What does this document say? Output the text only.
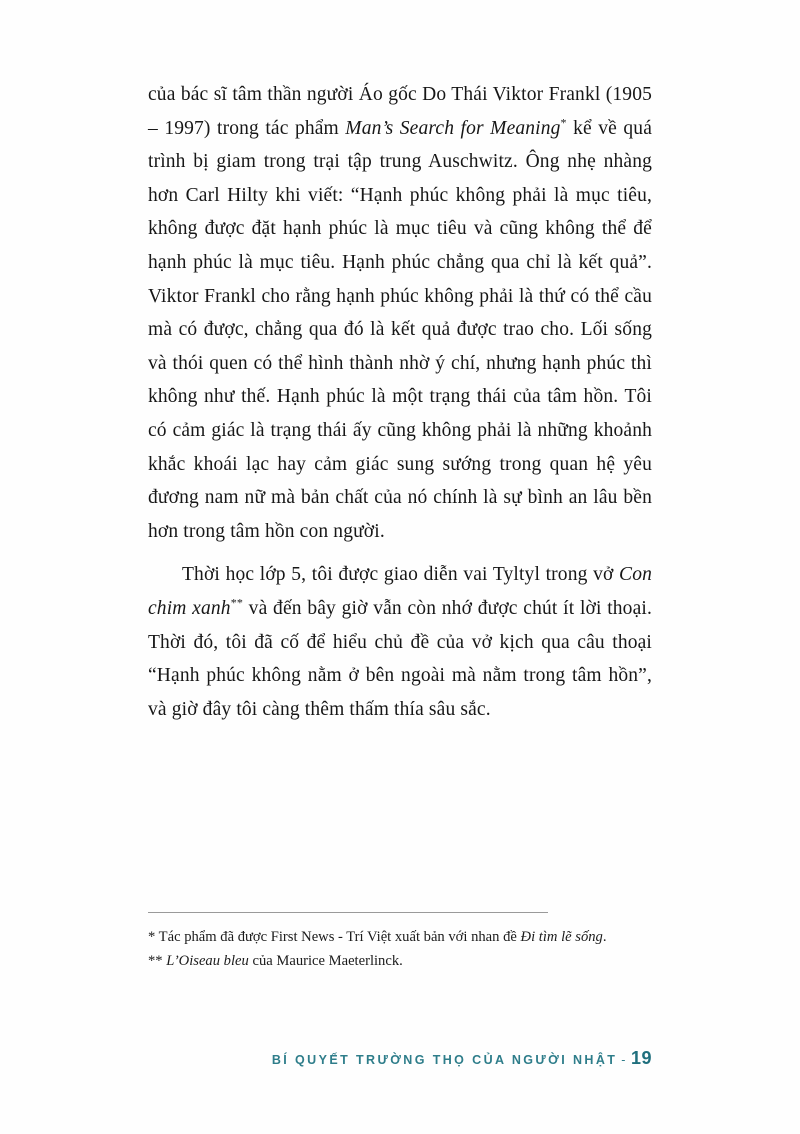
của bác sĩ tâm thần người Áo gốc Do Thái Viktor Frankl (1905 – 1997) trong tác phẩm Man’s Search for Meaning* kể về quá trình bị giam trong trại tập trung Auschwitz. Ông nhẹ nhàng hơn Carl Hilty khi viết: “Hạnh phúc không phải là mục tiêu, không được đặt hạnh phúc là mục tiêu và cũng không thể để hạnh phúc là mục tiêu. Hạnh phúc chẳng qua chỉ là kết quả”. Viktor Frankl cho rằng hạnh phúc không phải là thứ có thể cầu mà có được, chẳng qua đó là kết quả được trao cho. Lối sống và thói quen có thể hình thành nhờ ý chí, nhưng hạnh phúc thì không như thế. Hạnh phúc là một trạng thái của tâm hồn. Tôi có cảm giác là trạng thái ấy cũng không phải là những khoảnh khắc khoái lạc hay cảm giác sung sướng trong quan hệ yêu đương nam nữ mà bản chất của nó chính là sự bình an lâu bền hơn trong tâm hồn con người.

Thời học lớp 5, tôi được giao diễn vai Tyltyl trong vở Con chim xanh** và đến bây giờ vẫn còn nhớ được chút ít lời thoại. Thời đó, tôi đã cố để hiểu chủ đề của vở kịch qua câu thoại “Hạnh phúc không nằm ở bên ngoài mà nằm trong tâm hồn”, và giờ đây tôi càng thêm thấm thía sâu sắc.

* Tác phẩm đã được First News - Trí Việt xuất bản với nhan đề Đi tìm lẽ sống.

** L’Oiseau bleu của Maurice Maeterlinck.

BÍ QUYẾT TRƯỜNG THỌ CỦA NGƯỜI NHẬT - 19
